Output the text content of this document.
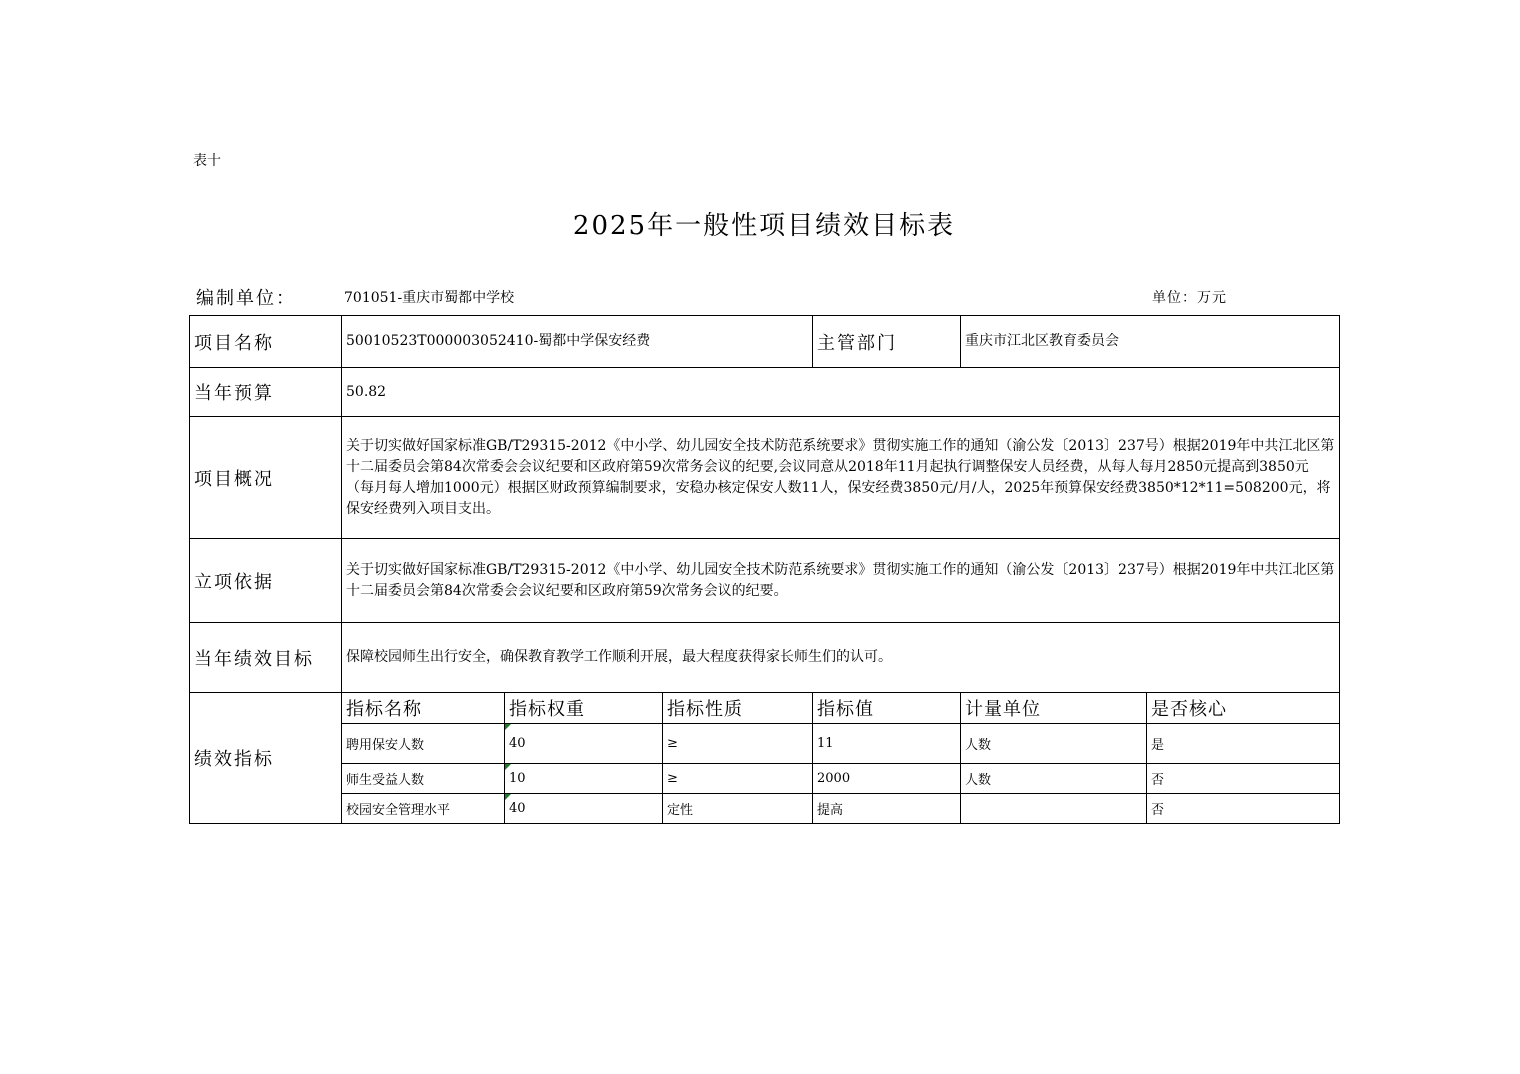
表十
2025年一般性项目绩效目标表
编制单位：	701051-重庆市蜀都中学校	单位：万元
项目名称	50010523T000003052410-蜀都中学保安经费			主管部门	重庆市江北区教育委员会	
当年预算	50.82					
项目概况	关于切实做好国家标准GB/T29315-2012《中小学、幼儿园安全技术防范系统要求》贯彻实施工作的通知（渝公发〔2013〕237号）根据2019年中共江北区第十二届委员会第84次常委会会议纪要和区政府第59次常务会议的纪要,会议同意从2018年11月起执行调整保安人员经费，从每人每月2850元提高到3850元（每月每人增加1000元）根据区财政预算编制要求，安稳办核定保安人数11人，保安经费3850元/月/人，2025年预算保安经费3850*12*11=508200元，将保安经费列入项目支出。					
立项依据	关于切实做好国家标准GB/T29315-2012《中小学、幼儿园安全技术防范系统要求》贯彻实施工作的通知（渝公发〔2013〕237号）根据2019年中共江北区第十二届委员会第84次常委会会议纪要和区政府第59次常务会议的纪要。					
当年绩效目标	保障校园师生出行安全，确保教育教学工作顺利开展，最大程度获得家长师生们的认可。					
绩效指标	指标名称	指标权重	指标性质	指标值	计量单位	是否核心
	聘用保安人数	40	≥	11	人数	是
	师生受益人数	10	≥	2000	人数	否
	校园安全管理水平	40	定性	提高		否
